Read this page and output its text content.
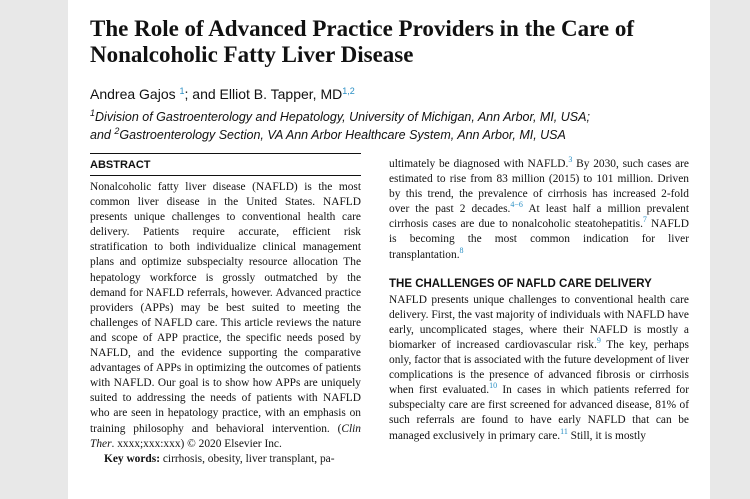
The Role of Advanced Practice Providers in the Care of Nonalcoholic Fatty Liver Disease
Andrea Gajos $^1$; and Elliot B. Tapper, MD$^{1,2}$
$^1$Division of Gastroenterology and Hepatology, University of Michigan, Ann Arbor, MI, USA;
and $^2$Gastroenterology Section, VA Ann Arbor Healthcare System, Ann Arbor, MI, USA
ABSTRACT
Nonalcoholic fatty liver disease (NAFLD) is the most common liver disease in the United States. NAFLD presents unique challenges to conventional health care delivery. Patients require accurate, efficient risk stratification to both individualize clinical management plans and optimize subspecialty resource allocation The hepatology workforce is grossly outmatched by the demand for NAFLD referrals, however. Advanced practice providers (APPs) may be best suited to meeting the challenges of NAFLD care. This article reviews the nature and scope of APP practice, the specific needs posed by NAFLD, and the evidence supporting the comparative advantages of APPs in optimizing the outcomes of patients with NAFLD. Our goal is to show how APPs are uniquely suited to addressing the needs of patients with NAFLD who are seen in hepatology practice, with an emphasis on training philosophy and behavioral intervention. (Clin Ther. xxxx;xxx:xxx) © 2020 Elsevier Inc.
Key words: cirrhosis, obesity, liver transplant, pa-
ultimately be diagnosed with NAFLD.$^3$ By 2030, such cases are estimated to rise from 83 million (2015) to 101 million. Driven by this trend, the prevalence of cirrhosis has increased 2-fold over the past 2 decades.$^{4-6}$ At least half a million prevalent cirrhosis cases are due to nonalcoholic steatohepatitis.$^7$ NAFLD is becoming the most common indication for liver transplantation.$^8$
THE CHALLENGES OF NAFLD CARE DELIVERY
NAFLD presents unique challenges to conventional health care delivery. First, the vast majority of individuals with NAFLD have early, uncomplicated stages, where their NAFLD is mostly a biomarker of increased cardiovascular risk.$^9$ The key, perhaps only, factor that is associated with the future development of liver complications is the presence of advanced fibrosis or cirrhosis when first evaluated.$^{10}$ In cases in which patients referred for subspecialty care are first screened for advanced disease, 81% of such referrals are found to have early NAFLD that can be managed exclusively in primary care.$^{11}$ Still, it is mostly
